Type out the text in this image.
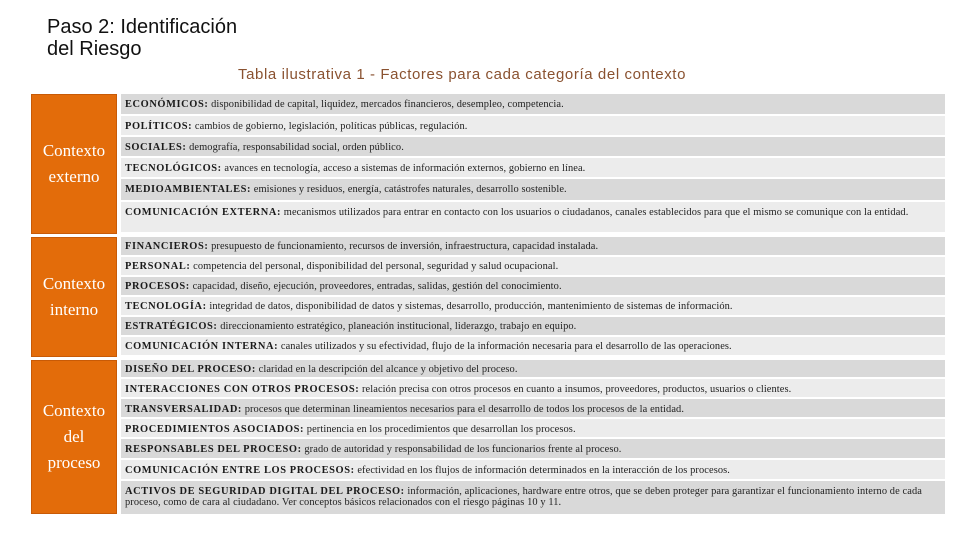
Paso 2: Identificación
del Riesgo

Tabla ilustrativa 1 - Factores para cada categoría del contexto

Contexto
externo
ECONÓMICOS: disponibilidad de capital, liquidez, mercados financieros, desempleo, competencia.
POLÍTICOS: cambios de gobierno, legislación, políticas públicas, regulación.
SOCIALES: demografía, responsabilidad social, orden público.
TECNOLÓGICOS: avances en tecnología, acceso a sistemas de información externos, gobierno en línea.
MEDIOAMBIENTALES: emisiones y residuos, energía, catástrofes naturales, desarrollo sostenible.
COMUNICACIÓN EXTERNA: mecanismos utilizados para entrar en contacto con los usuarios o ciudadanos, canales establecidos para que el mismo se comunique con la entidad.
Contexto
interno
FINANCIEROS: presupuesto de funcionamiento, recursos de inversión, infraestructura, capacidad instalada.
PERSONAL: competencia del personal, disponibilidad del personal, seguridad y salud ocupacional.
PROCESOS: capacidad, diseño, ejecución, proveedores, entradas, salidas, gestión del conocimiento.
TECNOLOGÍA: integridad de datos, disponibilidad de datos y sistemas, desarrollo, producción, mantenimiento de sistemas de información.
ESTRATÉGICOS: direccionamiento estratégico, planeación institucional, liderazgo, trabajo en equipo.
COMUNICACIÓN INTERNA: canales utilizados y su efectividad, flujo de la información necesaria para el desarrollo de las operaciones.
Contexto
del
proceso
DISEÑO DEL PROCESO: claridad en la descripción del alcance y objetivo del proceso.
INTERACCIONES CON OTROS PROCESOS: relación precisa con otros procesos en cuanto a insumos, proveedores, productos, usuarios o clientes.
TRANSVERSALIDAD: procesos que determinan lineamientos necesarios para el desarrollo de todos los procesos de la entidad.
PROCEDIMIENTOS ASOCIADOS: pertinencia en los procedimientos que desarrollan los procesos.
RESPONSABLES DEL PROCESO: grado de autoridad y responsabilidad de los funcionarios frente al proceso.
COMUNICACIÓN ENTRE LOS PROCESOS: efectividad en los flujos de información determinados en la interacción de los procesos.
ACTIVOS DE SEGURIDAD DIGITAL DEL PROCESO: información, aplicaciones, hardware entre otros, que se deben proteger para garantizar el funcionamiento interno de cada proceso, como de cara al ciudadano. Ver conceptos básicos relacionados con el riesgo páginas 10 y 11.
